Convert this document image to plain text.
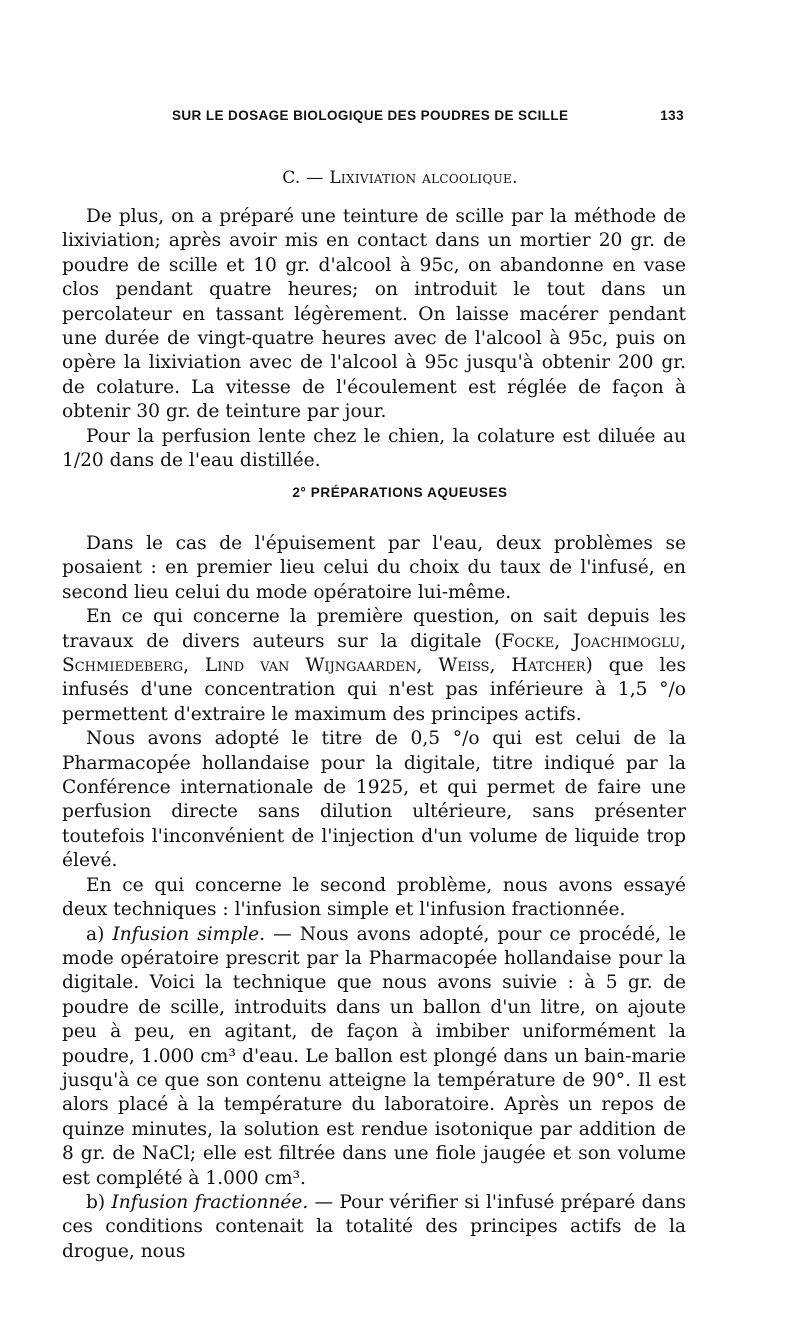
SUR LE DOSAGE BIOLOGIQUE DES POUDRES DE SCILLE	133
C. — Lixiviation alcoolique.

De plus, on a préparé une teinture de scille par la méthode de lixiviation; après avoir mis en contact dans un mortier 20 gr. de poudre de scille et 10 gr. d'alcool à 95c, on abandonne en vase clos pendant quatre heures; on introduit le tout dans un percolateur en tassant légèrement. On laisse macérer pendant une durée de vingt-quatre heures avec de l'alcool à 95c, puis on opère la lixiviation avec de l'alcool à 95c jusqu'à obtenir 200 gr. de colature. La vitesse de l'écoulement est réglée de façon à obtenir 30 gr. de teinture par jour.

Pour la perfusion lente chez le chien, la colature est diluée au 1/20 dans de l'eau distillée.

2° PRÉPARATIONS AQUEUSES

Dans le cas de l'épuisement par l'eau, deux problèmes se posaient : en premier lieu celui du choix du taux de l'infusé, en second lieu celui du mode opératoire lui-même.

En ce qui concerne la première question, on sait depuis les travaux de divers auteurs sur la digitale (Focke, Joachimoglu, Schmiedeberg, Lind van Wijngaarden, Weiss, Hatcher) que les infusés d'une concentration qui n'est pas inférieure à 1,5 °/o permettent d'extraire le maximum des principes actifs.

Nous avons adopté le titre de 0,5 °/o qui est celui de la Pharmacopée hollandaise pour la digitale, titre indiqué par la Conférence internationale de 1925, et qui permet de faire une perfusion directe sans dilution ultérieure, sans présenter toutefois l'inconvénient de l'injection d'un volume de liquide trop élevé.

En ce qui concerne le second problème, nous avons essayé deux techniques : l'infusion simple et l'infusion fractionnée.

a) Infusion simple. — Nous avons adopté, pour ce procédé, le mode opératoire prescrit par la Pharmacopée hollandaise pour la digitale. Voici la technique que nous avons suivie : à 5 gr. de poudre de scille, introduits dans un ballon d'un litre, on ajoute peu à peu, en agitant, de façon à imbiber uniformément la poudre, 1.000 cm³ d'eau. Le ballon est plongé dans un bain-marie jusqu'à ce que son contenu atteigne la température de 90°. Il est alors placé à la température du laboratoire. Après un repos de quinze minutes, la solution est rendue isotonique par addition de 8 gr. de NaCl; elle est filtrée dans une fiole jaugée et son volume est complété à 1.000 cm³.

b) Infusion fractionnée. — Pour vérifier si l'infusé préparé dans ces conditions contenait la totalité des principes actifs de la drogue, nous
